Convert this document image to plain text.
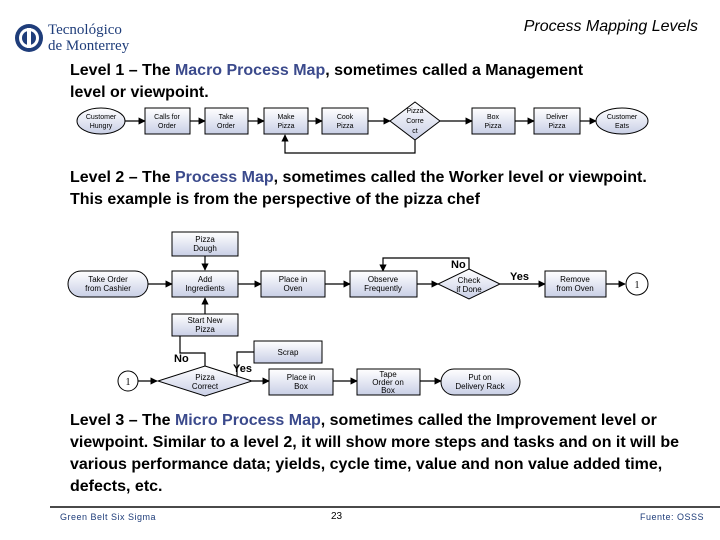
Tecnológico
de Monterrey
Process Mapping Levels
Level 1 – The Macro Process Map, sometimes called a Management level or viewpoint.
Level 2 – The Process Map, sometimes called the Worker level or viewpoint. This example is from the perspective of the pizza chef
Level 3 – The Micro Process Map, sometimes called the Improvement level or viewpoint. Similar to a level 2, it will show more steps and tasks and on it will be various performance data; yields, cycle time, value and non value added time, defects, etc.
Customer
Hungry
Calls for
Order
Take
Order
Make
Pizza
Cook
Pizza
Pizza
Corre
ct
Box
Pizza
Deliver
Pizza
Customer
Eats
Pizza
Dough
Take Order
from Cashier
Add
Ingredients
Place in
Oven
Observe
Frequently
Check
if Done
Remove
from Oven	1
Start New
Pizza
Scrap
1	Pizza
Correct
Place in
Box
Tape
Order on
Box
Put on
Delivery Rack
No
Yes
No
Yes
Green Belt Six Sigma	23	Fuente: OSSS
